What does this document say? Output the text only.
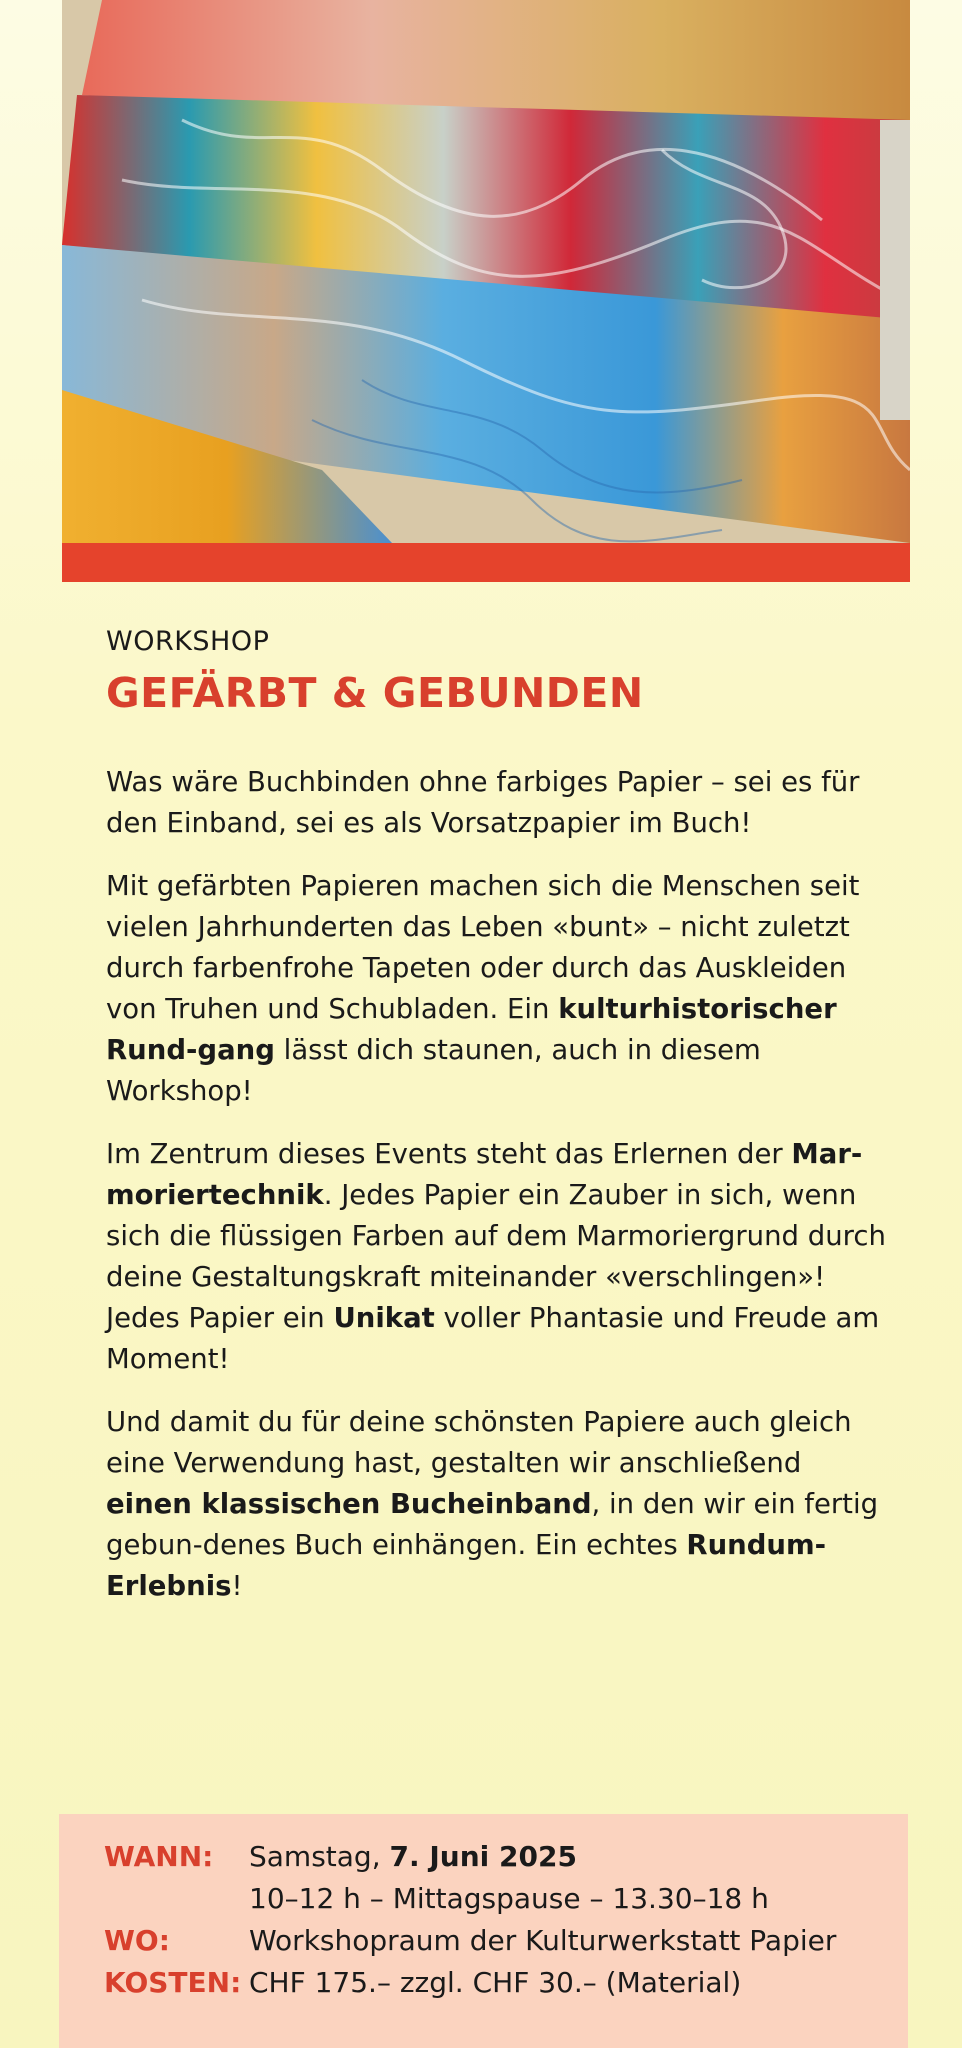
WORKSHOP
GEFÄRBT & GEBUNDEN

Was wäre Buchbinden ohne farbiges Papier – sei es für den Einband, sei es als Vorsatzpapier im Buch!

Mit gefärbten Papieren machen sich die Menschen seit vielen Jahrhunderten das Leben «bunt» – nicht zuletzt durch farbenfrohe Tapeten oder durch das Auskleiden von Truhen und Schubladen. Ein kulturhistorischer Rund-gang lässt dich staunen, auch in diesem Workshop!

Im Zentrum dieses Events steht das Erlernen der Mar-moriertechnik. Jedes Papier ein Zauber in sich, wenn sich die flüssigen Farben auf dem Marmoriergrund durch deine Gestaltungskraft miteinander «verschlingen»! Jedes Papier ein Unikat voller Phantasie und Freude am Moment!

Und damit du für deine schönsten Papiere auch gleich eine Verwendung hast, gestalten wir anschließend einen klassischen Bucheinband, in den wir ein fertig gebun-denes Buch einhängen. Ein echtes Rundum-Erlebnis!

WANN:	Samstag, 7. Juni 2025
10–12 h – Mittagspause – 13.30–18 h
WO:	Workshopraum der Kulturwerkstatt Papier
KOSTEN: CHF 175.– zzgl. CHF 30.– (Material)
